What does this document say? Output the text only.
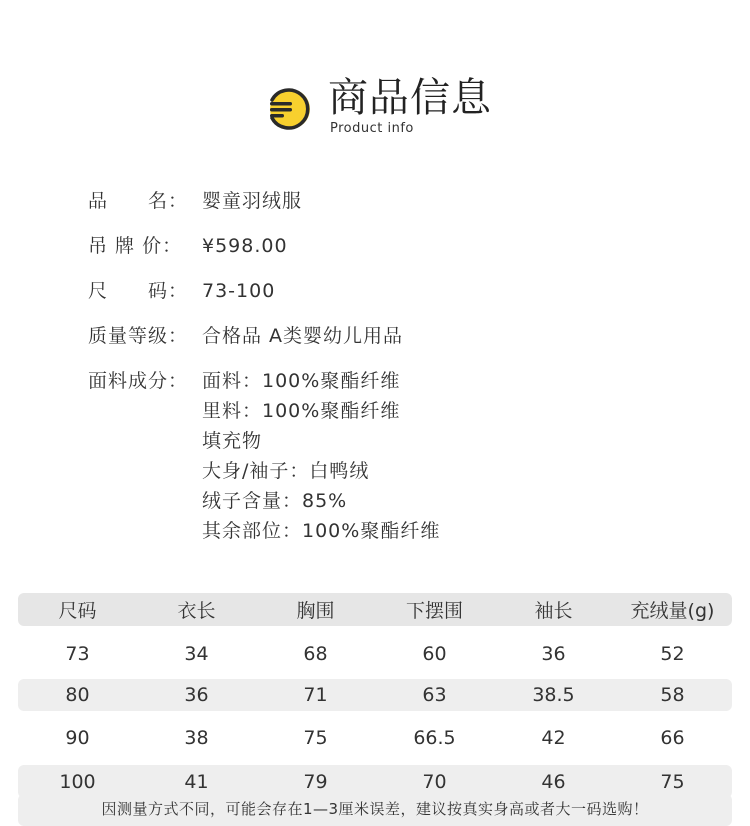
商品信息
Product info
品　　名： 婴童羽绒服
吊 牌 价：	¥598.00
尺　　码： 73-100
质量等级： 合格品 A类婴幼儿用品
面料成分： 面料：100%聚酯纤维
里料：100%聚酯纤维
填充物
大身/袖子：白鸭绒
绒子含量：85%
其余部位：100%聚酯纤维
尺码	衣长	胸围	下摆围	袖长	充绒量(g)
73	34	68	60	36	52
80	36	71	63	38.5	58
90	38	75	66.5	42	66
100	41	79	70	46	75
因测量方式不同，可能会存在1—3厘米误差，建议按真实身高或者大一码选购！
